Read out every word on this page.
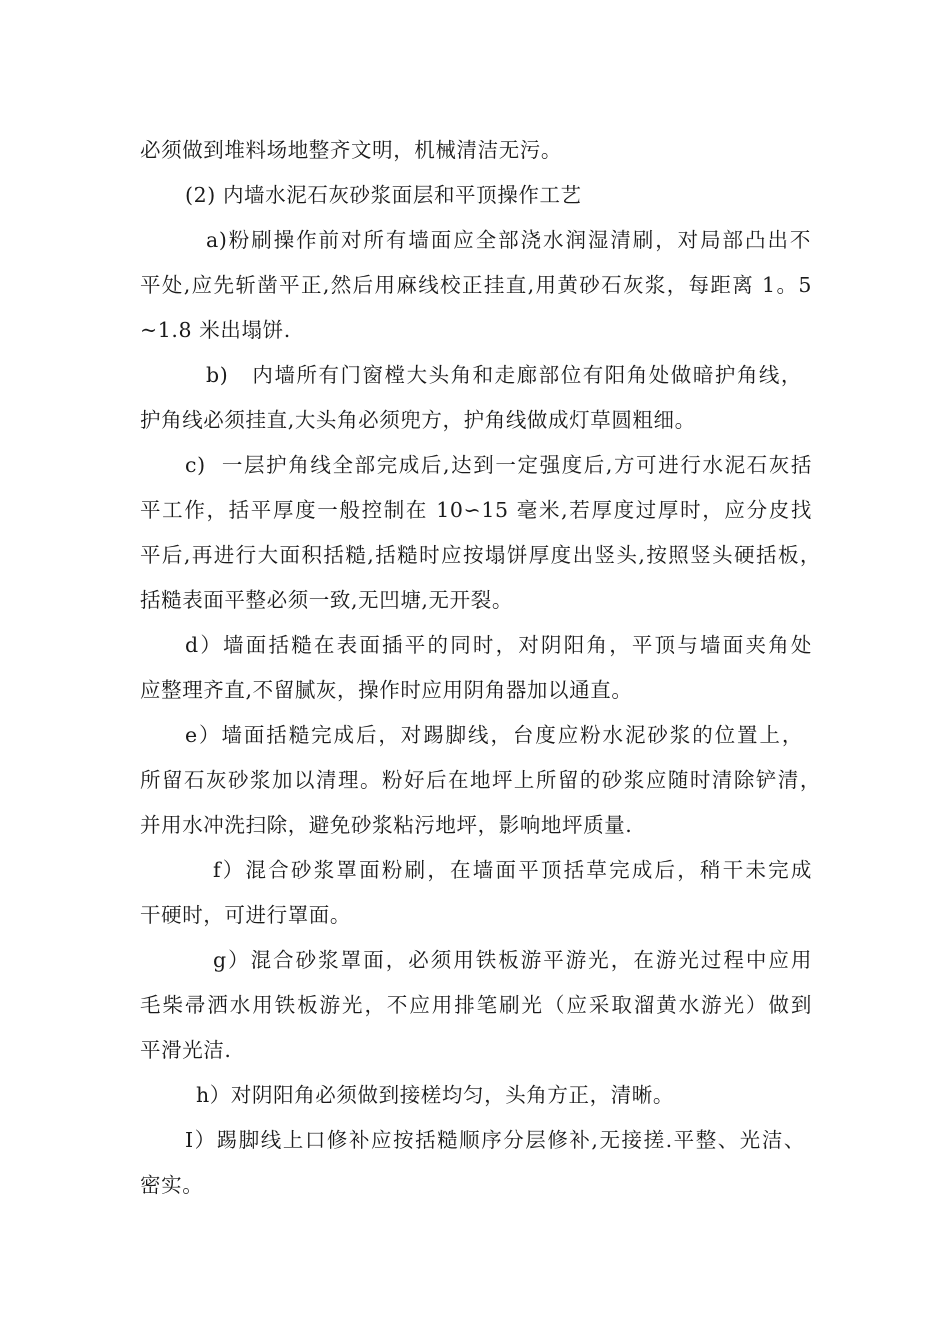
必须做到堆料场地整齐文明，机械清洁无污。

(2) 内墙水泥石灰砂浆面层和平顶操作工艺

a)粉刷操作前对所有墙面应全部浇水润湿清刷，对局部凸出不

平处,应先斩凿平正,然后用麻线校正挂直,用黄砂石灰浆，每距离 1。5

~1.8 米出塌饼.

b)   内墙所有门窗樘大头角和走廊部位有阳角处做暗护角线，

护角线必须挂直,大头角必须兜方，护角线做成灯草圆粗细。

c)  一层护角线全部完成后,达到一定强度后,方可进行水泥石灰括

平工作，括平厚度一般控制在 10∽15 毫米,若厚度过厚时，应分皮找

平后,再进行大面积括糙,括糙时应按塌饼厚度出竖头,按照竖头硬括板，

括糙表面平整必须一致,无凹塘,无开裂。

d）墙面括糙在表面插平的同时，对阴阳角，平顶与墙面夹角处

应整理齐直,不留腻灰，操作时应用阴角器加以通直。

e）墙面括糙完成后，对踢脚线，台度应粉水泥砂浆的位置上，

所留石灰砂浆加以清理。粉好后在地坪上所留的砂浆应随时清除铲清，

并用水冲洗扫除，避免砂浆粘污地坪，影响地坪质量.

f）混合砂浆罩面粉刷，在墙面平顶括草完成后，稍干未完成

干硬时，可进行罩面。

g）混合砂浆罩面，必须用铁板游平游光，在游光过程中应用

毛柴帚洒水用铁板游光，不应用排笔刷光（应采取溜黄水游光）做到

平滑光洁.

h）对阴阳角必须做到接槎均匀，头角方正，清晰。

I）踢脚线上口修补应按括糙顺序分层修补,无接搓.平整、光洁、

密实。
